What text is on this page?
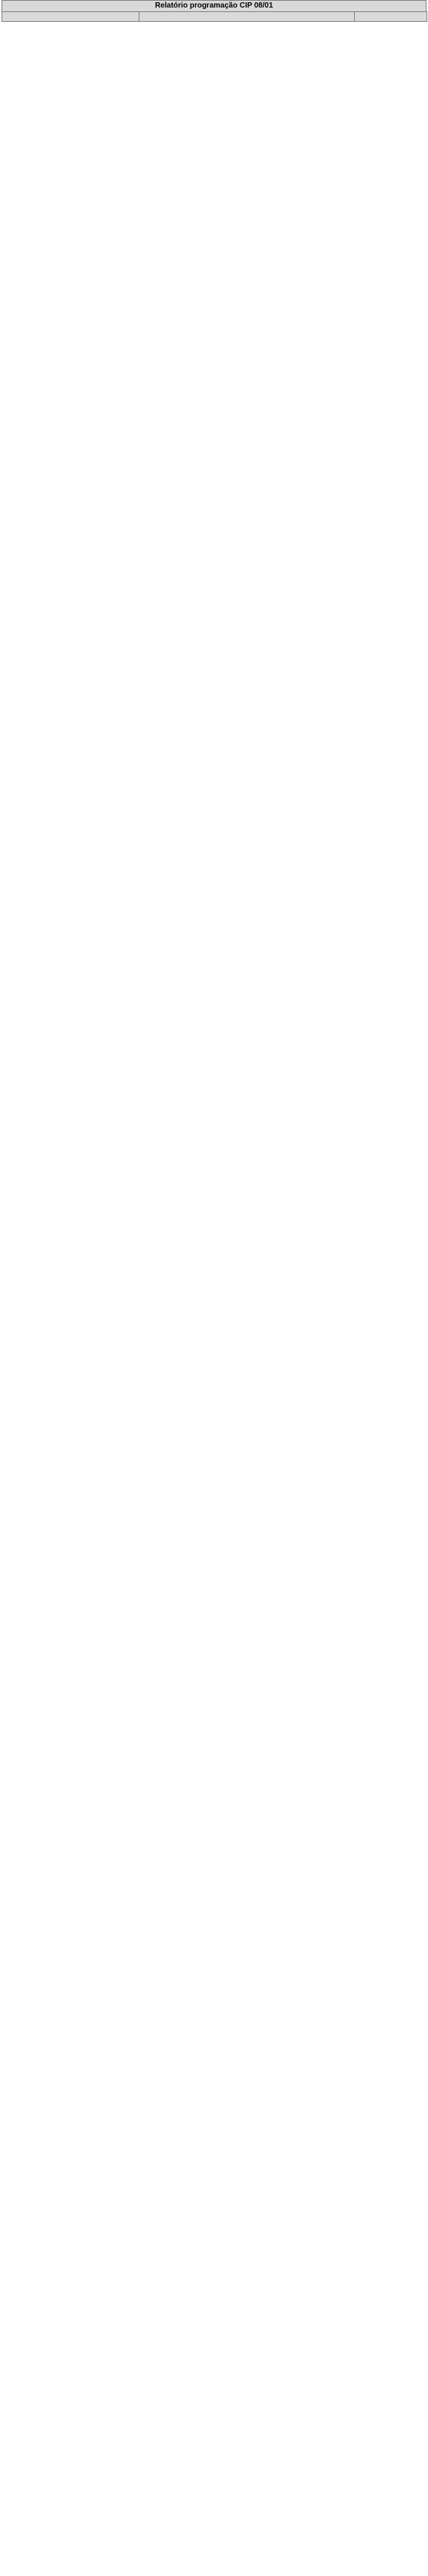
Relatório programação CIP 08/01
